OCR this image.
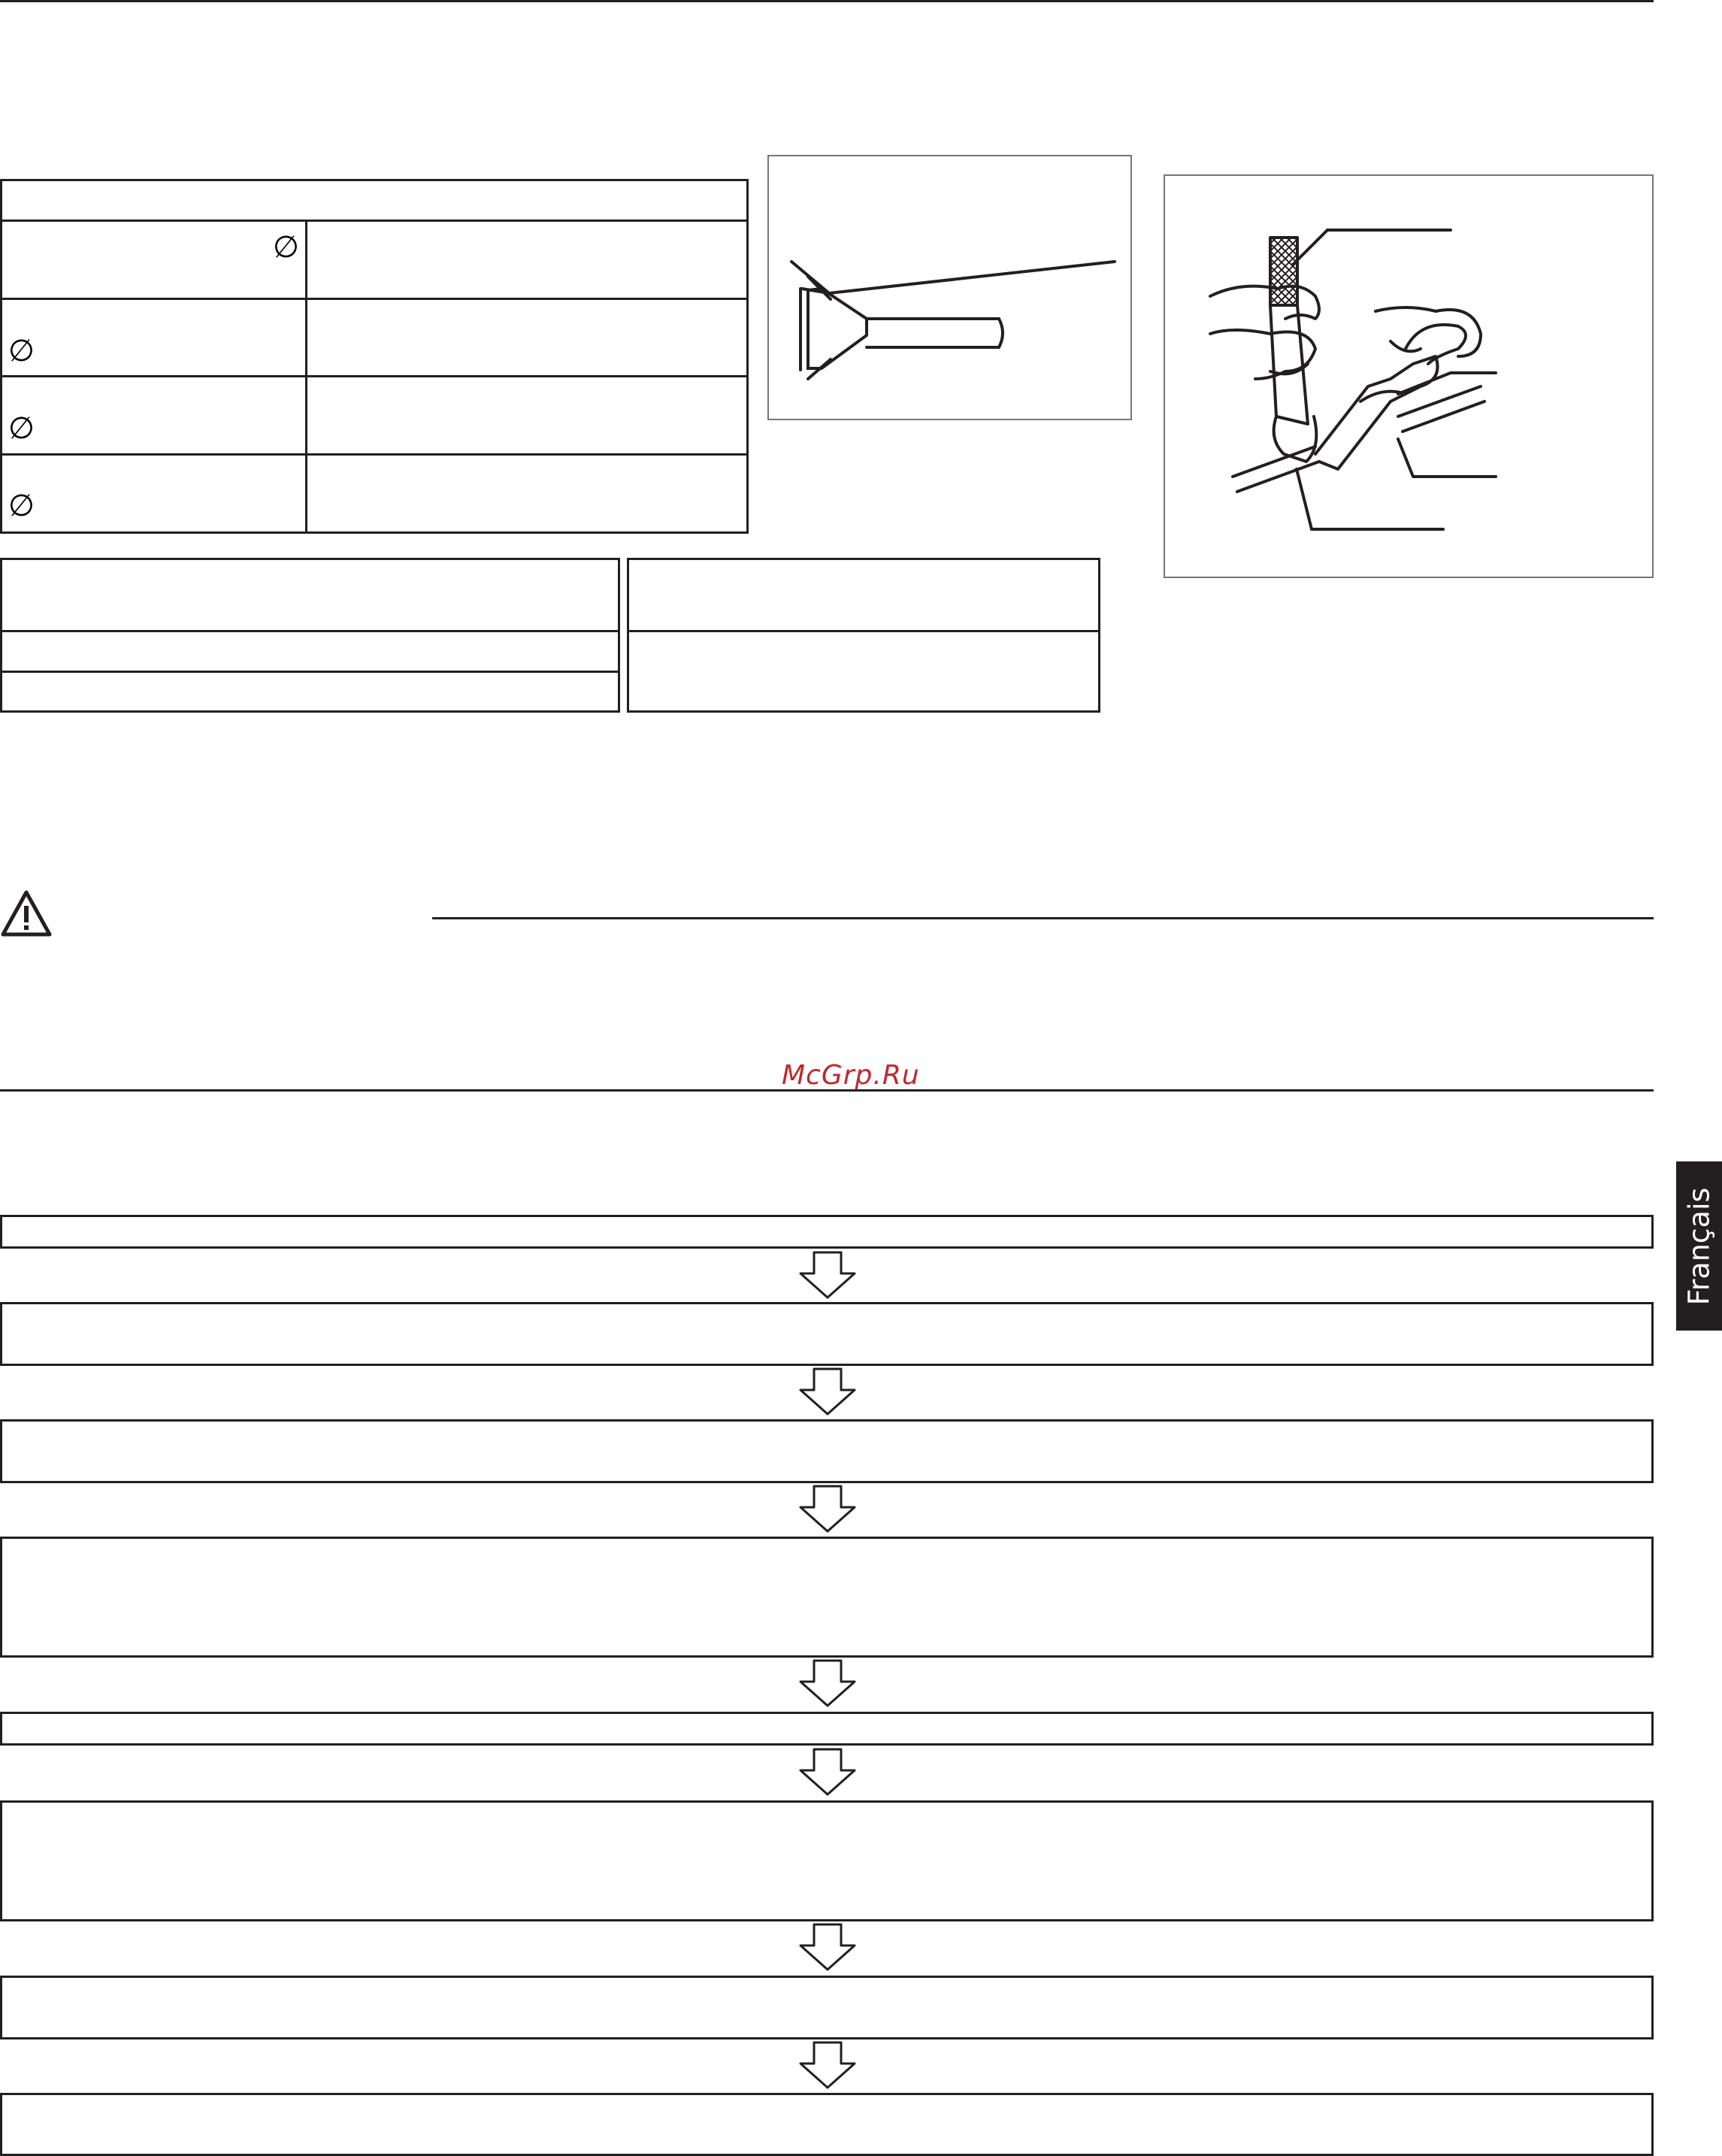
∅
∅
∅
∅
McGrp.Ru
Français
